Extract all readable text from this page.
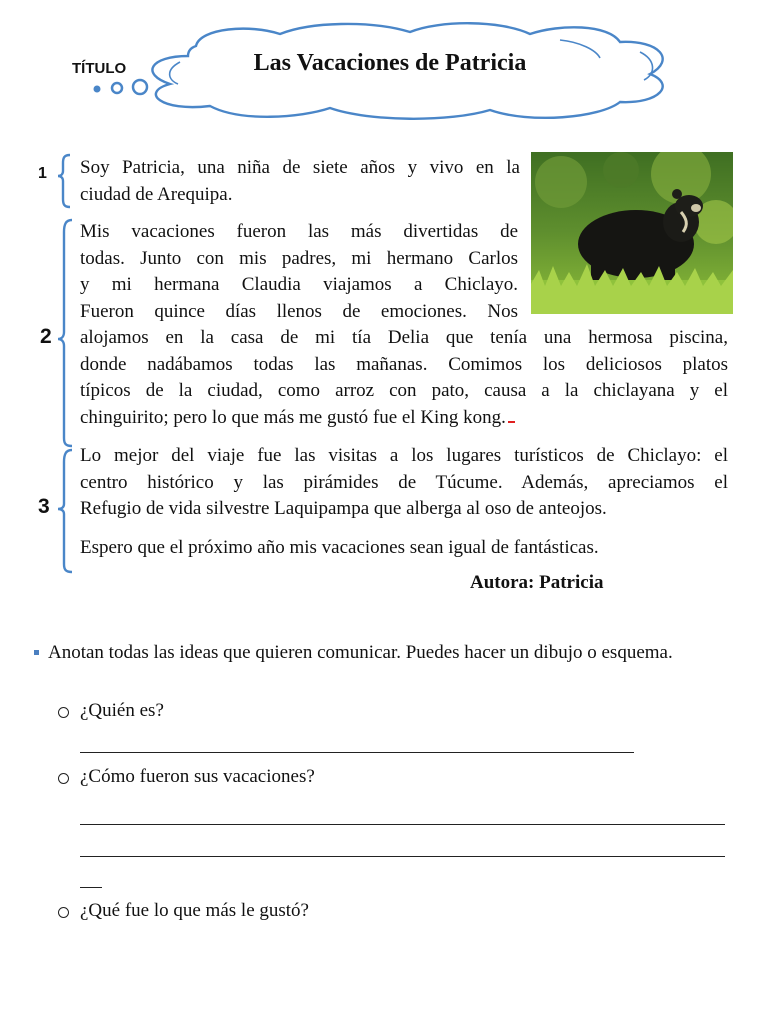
TÍTULO	Las Vacaciones de Patricia
1
2
3
Soy Patricia, una niña de siete años y vivo en la
ciudad de Arequipa.
Mis vacaciones fueron las más divertidas de
todas. Junto con mis padres, mi hermano Carlos
y mi hermana Claudia viajamos a Chiclayo.
Fueron quince días llenos de emociones. Nos
alojamos en la casa de mi tía Delia que tenía una hermosa piscina,
donde nadábamos todas las mañanas. Comimos los deliciosos platos
típicos de la ciudad, como arroz con pato, causa a la chiclayana y el
chinguirito; pero lo que más me gustó fue el King kong.
Lo mejor del viaje fue las visitas a los lugares turísticos de Chiclayo: el
centro histórico y las pirámides de Túcume. Además, apreciamos el
Refugio de vida silvestre Laquipampa que alberga al oso de anteojos.
Espero que el próximo año mis vacaciones sean igual de fantásticas.
Autora: Patricia
Anotan todas las ideas que quieren comunicar. Puedes hacer un dibujo o esquema.
¿Quién es?
¿Cómo fueron sus vacaciones?
¿Qué fue lo que más le gustó?
